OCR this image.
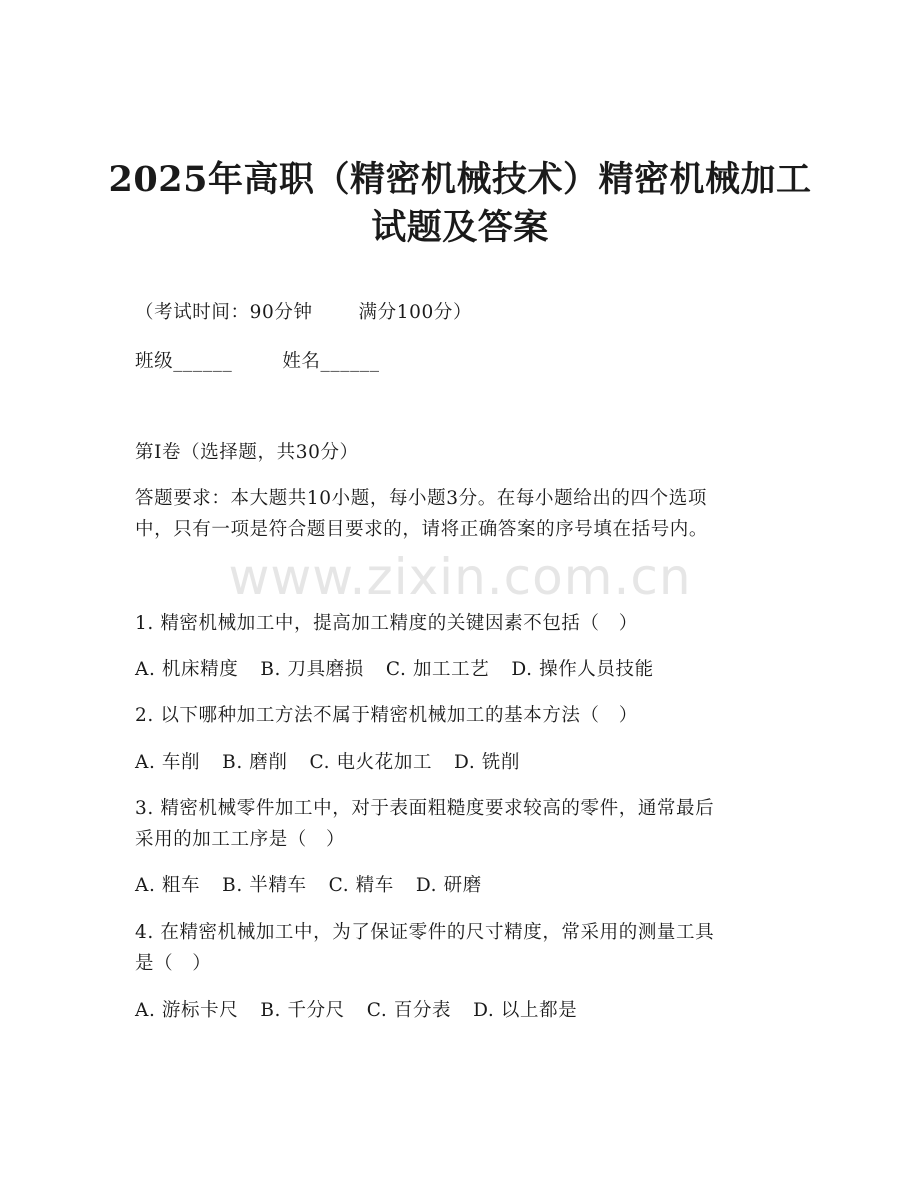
2025年高职（精密机械技术）精密机械加工
试题及答案
（考试时间：90分钟 满分100分）
班级______	姓名______
第I卷（选择题，共30分）
答题要求：本大题共10小题，每小题3分。在每小题给出的四个选项
中，只有一项是符合题目要求的，请将正确答案的序号填在括号内。
www.zixin.com.cn
1. 精密机械加工中，提高加工精度的关键因素不包括（　）
A. 机床精度 B. 刀具磨损 C. 加工工艺 D. 操作人员技能
2. 以下哪种加工方法不属于精密机械加工的基本方法（　）
A. 车削 B. 磨削 C. 电火花加工 D. 铣削
3. 精密机械零件加工中，对于表面粗糙度要求较高的零件，通常最后
采用的加工工序是（　）
A. 粗车 B. 半精车 C. 精车 D. 研磨
4. 在精密机械加工中，为了保证零件的尺寸精度，常采用的测量工具
是（　）
A. 游标卡尺 B. 千分尺 C. 百分表 D. 以上都是
